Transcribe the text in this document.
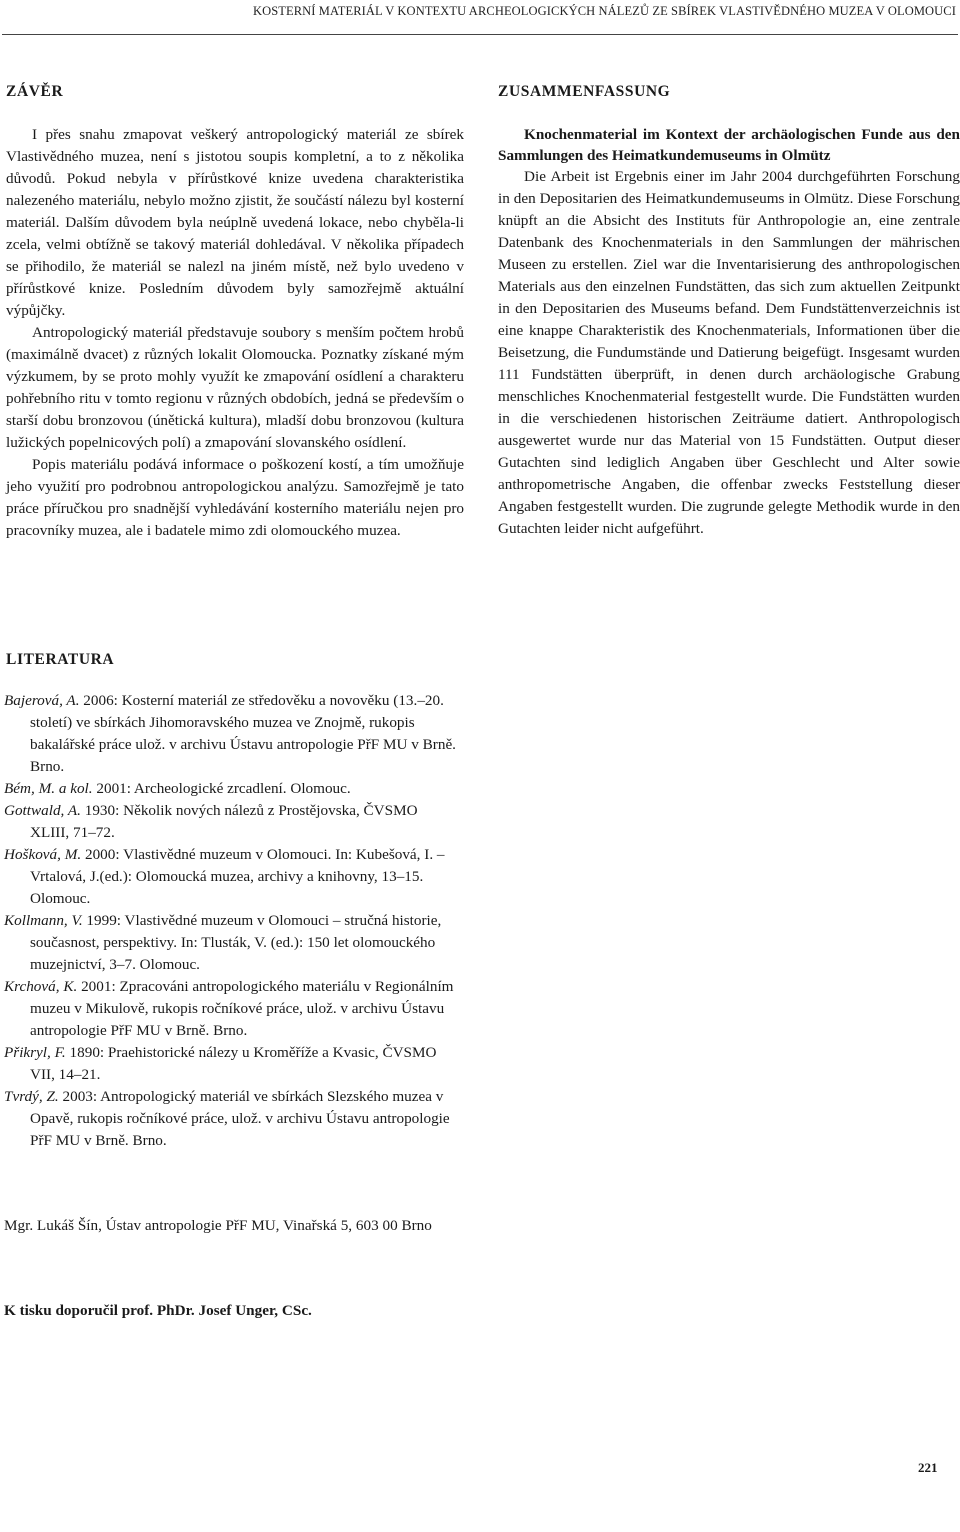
KOSTERNÍ MATERIÁL V KONTEXTU ARCHEOLOGICKÝCH NÁLEZŮ ZE SBÍREK VLASTIVĚDNÉHO MUZEA V OLOMOUCI
ZÁVĚR

I přes snahu zmapovat veškerý antropologický materiál ze sbírek Vlastivědného muzea, není s jistotou soupis kompletní, a to z několika důvodů. Pokud nebyla v přírůstkové knize uvedena charakteristika nalezeného materiálu, nebylo možno zjistit, že součástí nálezu byl kosterní materiál. Dalším důvodem byla neúplně uvedená lokace, nebo chyběla-li zcela, velmi obtížně se takový materiál dohledával. V několika případech se přihodilo, že materiál se nalezl na jiném místě, než bylo uvedeno v přírůstkové knize. Posledním důvodem byly samozřejmě aktuální výpůjčky.

Antropologický materiál představuje soubory s menším počtem hrobů (maximálně dvacet) z různých lokalit Olomoucka. Poznatky získané mým výzkumem, by se proto mohly využít ke zmapování osídlení a charakteru pohřebního ritu v tomto regionu v různých obdobích, jedná se především o starší dobu bronzovou (únětická kultura), mladší dobu bronzovou (kultura lužických popelnicových polí) a zmapování slovanského osídlení.

Popis materiálu podává informace o poškození kostí, a tím umožňuje jeho využití pro podrobnou antropologickou analýzu. Samozřejmě je tato práce příručkou pro snadnější vyhledávání kosterního materiálu nejen pro pracovníky muzea, ale i badatele mimo zdi olomouckého muzea.

ZUSAMMENFASSUNG

Knochenmaterial im Kontext der archäologischen Funde aus den Sammlungen des Heimatkundemuseums in Olmütz

Die Arbeit ist Ergebnis einer im Jahr 2004 durchgeführten Forschung in den Depositarien des Heimatkundemuseums in Olmütz. Diese Forschung knüpft an die Absicht des Instituts für Anthropologie an, eine zentrale Datenbank des Knochenmaterials in den Sammlungen der mährischen Museen zu erstellen. Ziel war die Inventarisierung des anthropologischen Materials aus den einzelnen Fundstätten, das sich zum aktuellen Zeitpunkt in den Depositarien des Museums befand. Dem Fundstättenverzeichnis ist eine knappe Charakteristik des Knochenmaterials, Informationen über die Beisetzung, die Fundumstände und Datierung beigefügt. Insgesamt wurden 111 Fundstätten überprüft, in denen durch archäologische Grabung menschliches Knochenmaterial festgestellt wurde. Die Fundstätten wurden in die verschiedenen historischen Zeiträume datiert. Anthropologisch ausgewertet wurde nur das Material von 15 Fundstätten. Output dieser Gutachten sind lediglich Angaben über Geschlecht und Alter sowie anthropometrische Angaben, die offenbar zwecks Feststellung dieser Angaben festgestellt wurden. Die zugrunde gelegte Methodik wurde in den Gutachten leider nicht aufgeführt.

LITERATURA

Bajerová, A. 2006: Kosterní materiál ze středověku a novověku (13.–20. století) ve sbírkách Jihomoravského muzea ve Znojmě, rukopis bakalářské práce ulož. v archivu Ústavu antropologie PřF MU v Brně. Brno.

Bém, M. a kol. 2001: Archeologické zrcadlení. Olomouc.

Gottwald, A. 1930: Několik nových nálezů z Prostějovska, ČVSMO XLIII, 71–72.

Hošková, M. 2000: Vlastivědné muzeum v Olomouci. In: Kubešová, I. – Vrtalová, J.(ed.): Olomoucká muzea, archivy a knihovny, 13–15. Olomouc.

Kollmann, V. 1999: Vlastivědné muzeum v Olomouci – stručná historie, současnost, perspektivy. In: Tlusták, V. (ed.): 150 let olomouckého muzejnictví, 3–7. Olomouc.

Krchová, K. 2001: Zpracováni antropologického materiálu v Regionálním muzeu v Mikulově, rukopis ročníkové práce, ulož. v archivu Ústavu antropologie PřF MU v Brně. Brno.

Přikryl, F. 1890: Praehistorické nálezy u Kroměříže a Kvasic, ČVSMO VII, 14–21.

Tvrdý, Z. 2003: Antropologický materiál ve sbírkách Slezského muzea v Opavě, rukopis ročníkové práce, ulož. v archivu Ústavu antropologie PřF MU v Brně. Brno.

Mgr. Lukáš Šín, Ústav antropologie PřF MU, Vinařská 5, 603 00 Brno
K tisku doporučil prof. PhDr. Josef Unger, CSc.
221
